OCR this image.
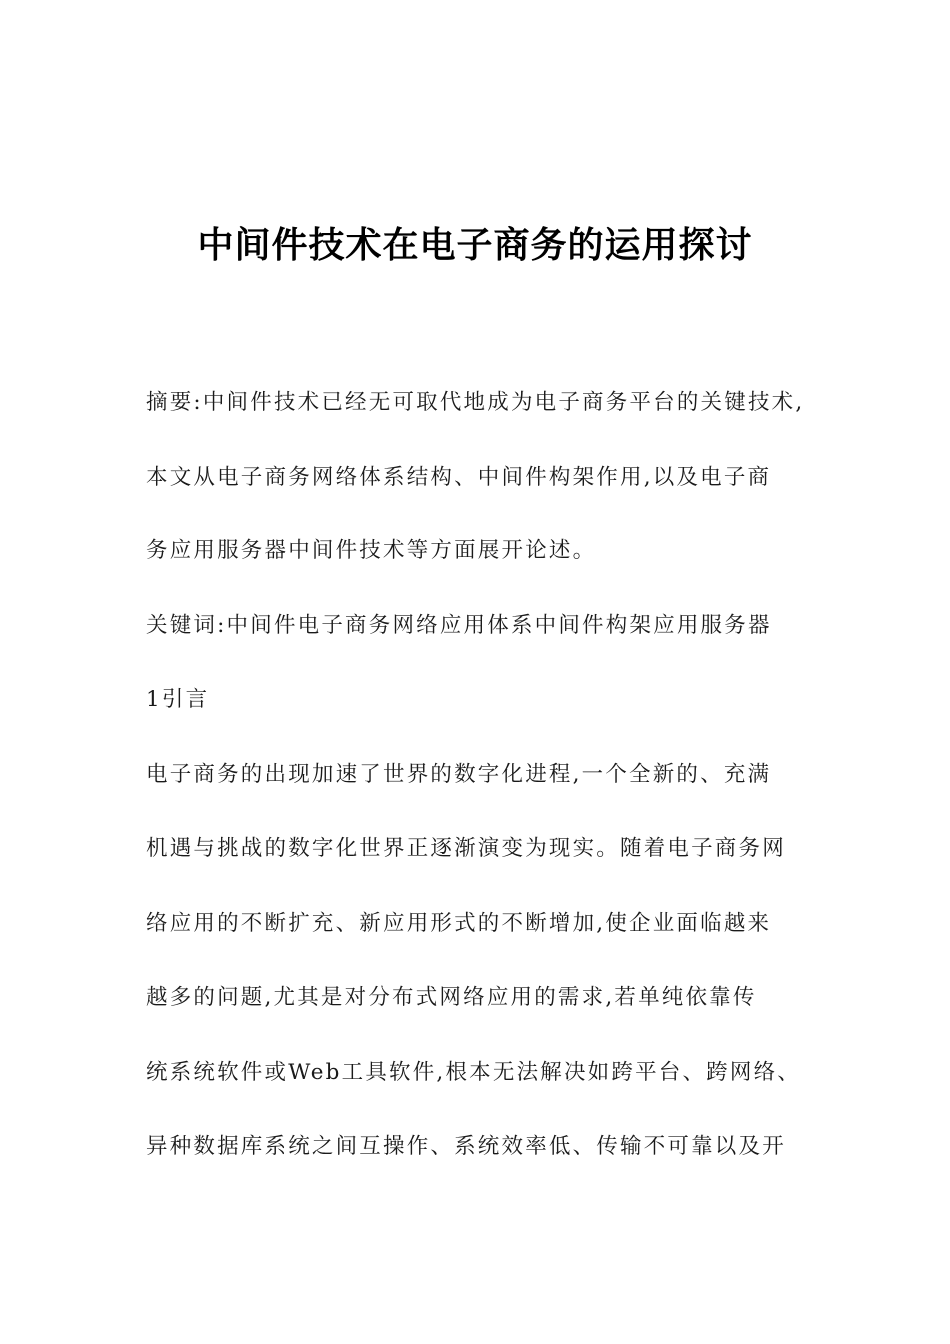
中间件技术在电子商务的运用探讨

摘要:中间件技术已经无可取代地成为电子商务平台的关键技术,

本文从电子商务网络体系结构、中间件构架作用,以及电子商

务应用服务器中间件技术等方面展开论述。

关键词:中间件电子商务网络应用体系中间件构架应用服务器

1引言

电子商务的出现加速了世界的数字化进程,一个全新的、充满

机遇与挑战的数字化世界正逐渐演变为现实。随着电子商务网

络应用的不断扩充、新应用形式的不断增加,使企业面临越来

越多的问题,尤其是对分布式网络应用的需求,若单纯依靠传

统系统软件或Web工具软件,根本无法解决如跨平台、跨网络、

异种数据库系统之间互操作、系统效率低、传输不可靠以及开
